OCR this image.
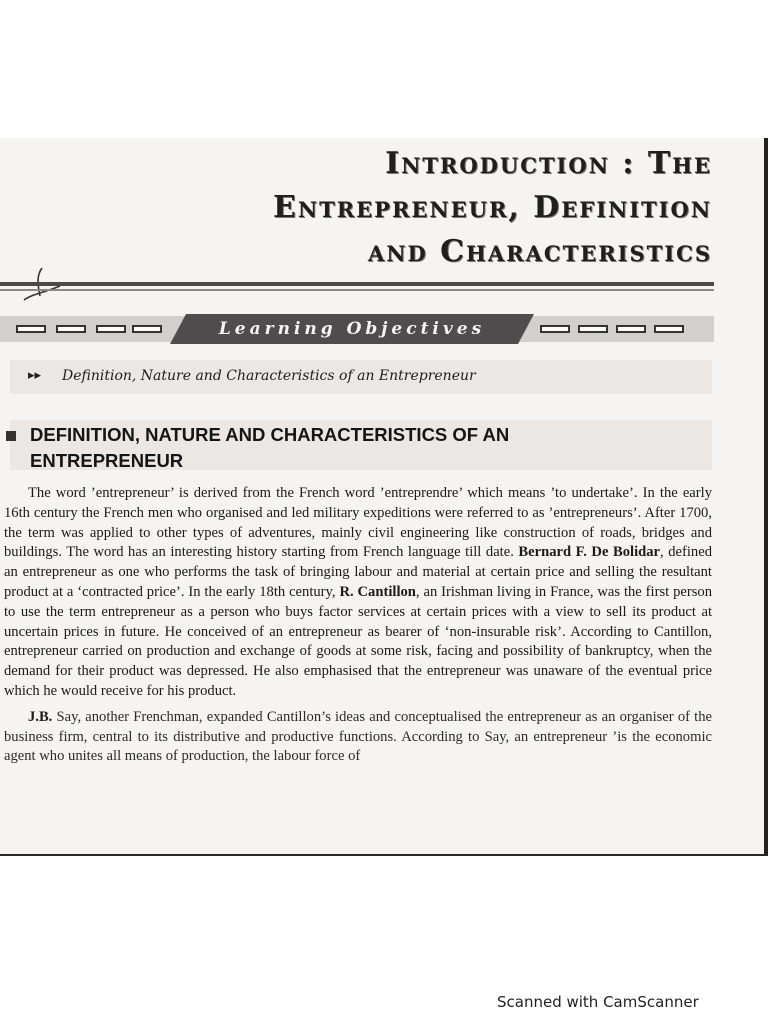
Introduction : The
Entrepreneur, Definition
and Characteristics
Learning Objectives
▸▸ Definition, Nature and Characteristics of an Entrepreneur
DEFINITION, NATURE AND CHARACTERISTICS OF AN
ENTREPRENEUR

The word ’entrepreneur’ is derived from the French word ’entreprendre’ which means ’to undertake’. In the early 16th century the French men who organised and led military expeditions were referred to as ’entrepreneurs’. After 1700, the term was applied to other types of adventures, mainly civil engineering like construction of roads, bridges and buildings. The word has an interesting history starting from French language till date. Bernard F. De Bolidar, defined an entrepreneur as one who performs the task of bringing labour and material at certain price and selling the resultant product at a ‘contracted price’. In the early 18th century, R. Cantillon, an Irishman living in France, was the first person to use the term entrepreneur as a person who buys factor services at certain prices with a view to sell its product at uncertain prices in future. He conceived of an entrepreneur as bearer of ‘non-insurable risk’. According to Cantillon, entrepreneur carried on production and exchange of goods at some risk, facing and possibility of bankruptcy, when the demand for their product was depressed. He also emphasised that the entrepreneur was unaware of the eventual price which he would receive for his product.

J.B. Say, another Frenchman, expanded Cantillon’s ideas and conceptualised the entrepreneur as an organiser of the business firm, central to its distributive and productive functions. According to Say, an entrepreneur ’is the economic agent who unites all means of production, the labour force of

Scanned with CamScanner
